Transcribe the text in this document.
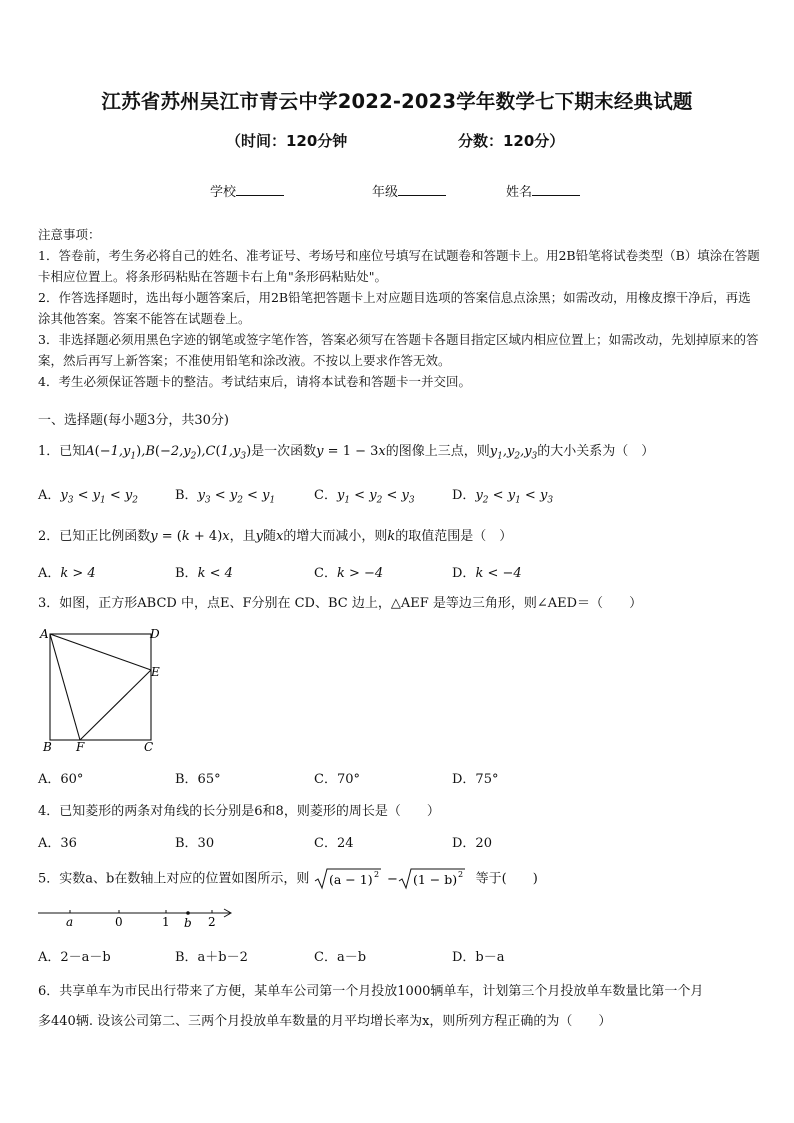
江苏省苏州吴江市青云中学2022-2023学年数学七下期末经典试题
（时间：120分钟	分数：120分）
学校	年级	姓名

注意事项：

1．答卷前，考生务必将自己的姓名、准考证号、考场号和座位号填写在试题卷和答题卡上。用2B铅笔将试卷类型（B）填涂在答题卡相应位置上。将条形码粘贴在答题卡右上角"条形码粘贴处"。

2．作答选择题时，选出每小题答案后，用2B铅笔把答题卡上对应题目选项的答案信息点涂黑；如需改动，用橡皮擦干净后，再选涂其他答案。答案不能答在试题卷上。

3．非选择题必须用黑色字迹的钢笔或签字笔作答，答案必须写在答题卡各题目指定区域内相应位置上；如需改动，先划掉原来的答案，然后再写上新答案；不准使用铅笔和涂改液。不按以上要求作答无效。

4．考生必须保证答题卡的整洁。考试结束后，请将本试卷和答题卡一并交回。

一、选择题(每小题3分，共30分)
1．已知$A(-1,y_1),B(-2,y_2),C(1,y_3)$是一次函数y = 1 − 3x的图像上三点，则$y_1,y_2,y_3$的大小关系为（　）
A．$y_3 < y_1 < y_2$	B．$y_3 < y_2 < y_1$	C．$y_1 < y_2 < y_3$	D．$y_2 < y_1 < y_3$
2．已知正比例函数y = (k + 4)x，且y随x的增大而减小，则k的取值范围是（　）
A．k > 4	B．k < 4	C．k > −4	D．k < −4
3．如图，正方形ABCD 中，点E、F分别在 CD、BC 边上，△AEF 是等边三角形，则∠AED＝（　　）
A	D
E
B F	C
A．60°	B．65°	C．70°	D．75°
4．已知菱形的两条对角线的长分别是6和8，则菱形的周长是（　　）
A．36	B．30	C．24	D．20
5．实数a、b在数轴上对应的位置如图所示，则 (a − 1) 2 − (1 − b) 2 等于(　　)
a	0	1 b 2
A．2－a－b	B．a＋b－2	C．a－b	D．b－a
6．共享单车为市民出行带来了方便，某单车公司第一个月投放1000辆单车，计划第三个月投放单车数量比第一个月
多440辆. 设该公司第二、三两个月投放单车数量的月平均增长率为x，则所列方程正确的为（　　）
